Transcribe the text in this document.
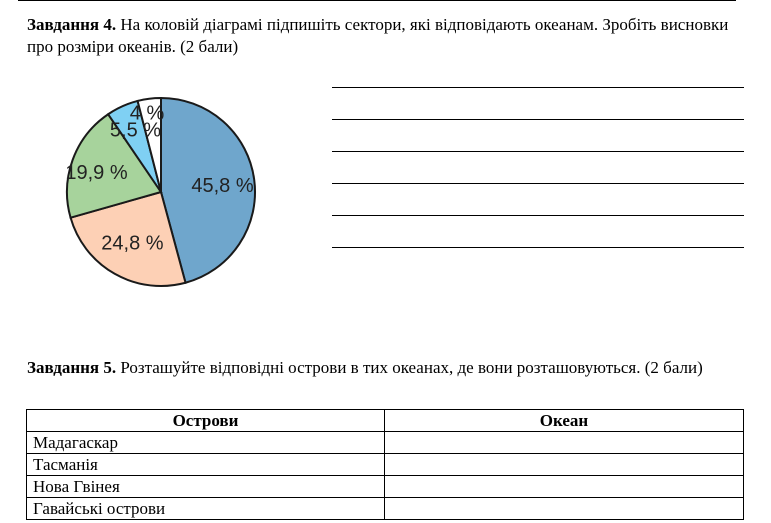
Завдання 4. На коловій діаграмі підпишіть сектори, які відповідають океанам. Зробіть висновки про розміри океанів. (2 бали)

45,8 %
24,8 %
19,9 %
5,5 %
4 %

Завдання 5. Розташуйте відповідні острови в тих океанах, де вони розташовуються. (2 бали)

Острови	Океан
Мадагаскар	
Тасманія	
Нова Гвінея	
Гавайські острови	
